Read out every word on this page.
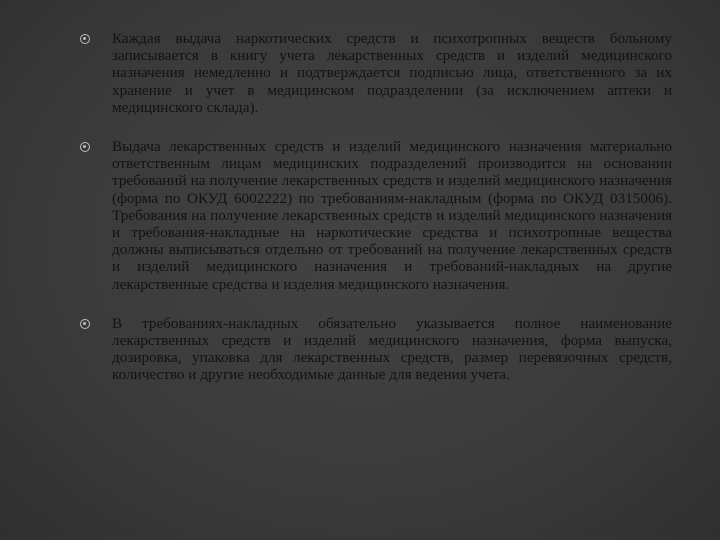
Каждая выдача наркотических средств и психотропных веществ больному записывается в книгу учета лекарственных средств и изделий медицинского назначения немедленно и подтверждается подписью лица, ответственного за их хранение и учет в медицинском подразделении (за исключением аптеки и медицинского склада).

Выдача лекарственных средств и изделий медицинского назначения материально ответственным лицам медицинских подразделений производится на основании требований на получение лекарственных средств и изделий медицинского назначения (форма по ОКУД 6002222) по требованиям-накладным (форма по ОКУД 0315006). Требования на получение лекарственных средств и изделий медицинского назначения и требования-накладные на наркотические средства и психотропные вещества должны выписываться отдельно от требований на получение лекарственных средств и изделий медицинского назначения и требований-накладных на другие лекарственные средства и изделия медицинского назначения.

В требованиях-накладных обязательно указывается полное наименование лекарственных средств и изделий медицинского назначения, форма выпуска, дозировка, упаковка для лекарственных средств, размер перевязочных средств, количество и другие необходимые данные для ведения учета.
